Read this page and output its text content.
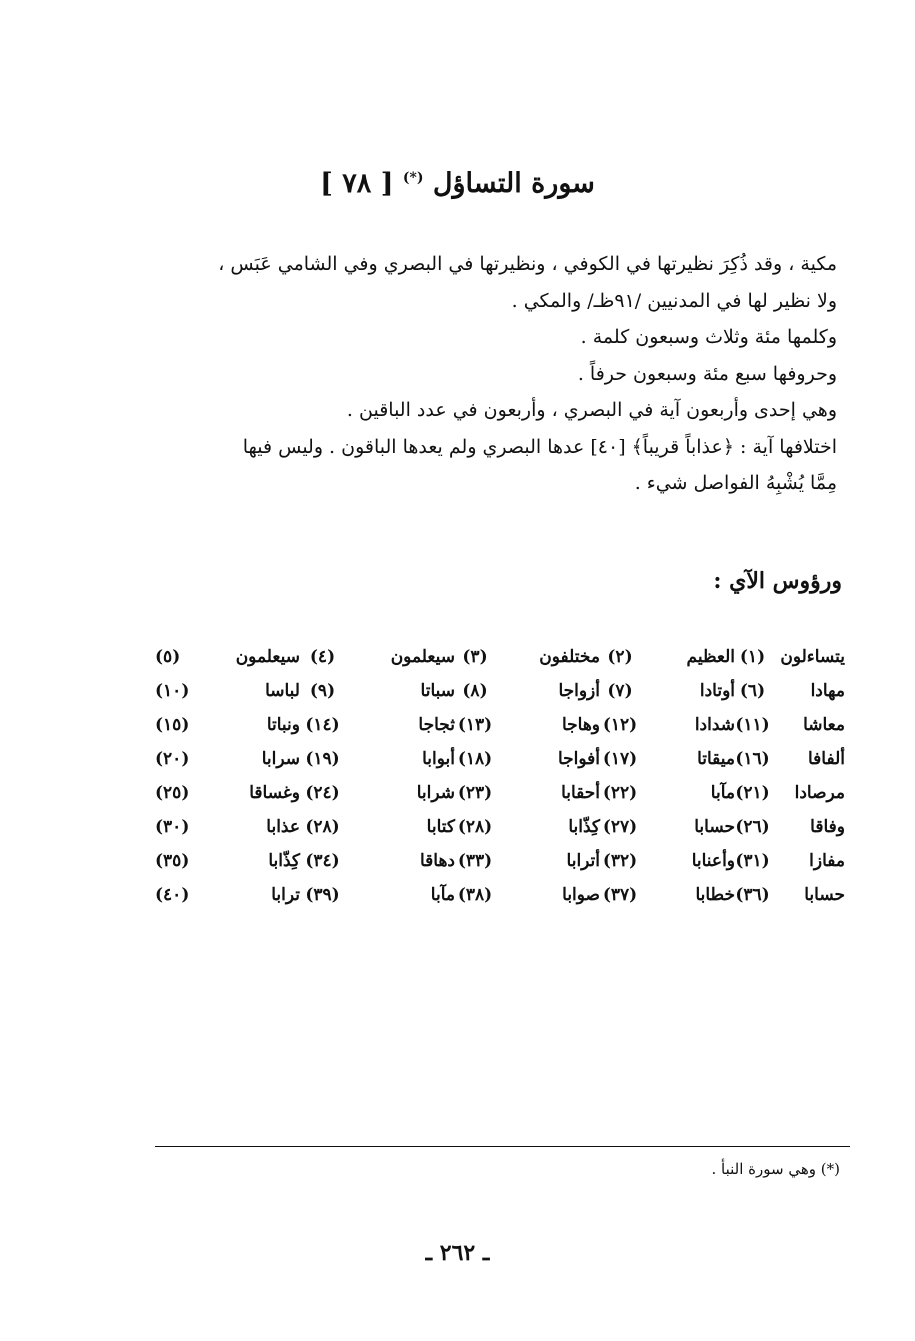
سورة التساؤل (*) [ ٧٨ ]

مكية ، وقد ذُكِرَ نظيرتها في الكوفي ، ونظيرتها في البصري وفي الشامي عَبَس ،

ولا نظير لها في المدنيين /٩١ظـ/ والمكي .

وكلمها مئة وثلاث وسبعون كلمة .

وحروفها سبع مئة وسبعون حرفاً .

وهي إحدى وأربعون آية في البصري ، وأربعون في عدد الباقين .

اختلافها آية : ﴿عذاباً قريباً﴾ [٤٠] عدها البصري ولم يعدها الباقون . وليس فيها

مِمَّا يُشْبِهُ الفواصل شيء .

ورؤوس الآي :
يتساءلون	(١)	العظيم	(٢)	مختلفون	(٣)	سيعلمون	(٤)	سيعلمون	(٥)
مهادا	(٦)	أوتادا	(٧)	أزواجا	(٨)	سباتا	(٩)	لباسا	(١٠)
معاشا	(١١)	شدادا	(١٢)	وهاجا	(١٣)	ثجاجا	(١٤)	ونباتا	(١٥)
ألفافا	(١٦)	ميقاتا	(١٧)	أفواجا	(١٨)	أبوابا	(١٩)	سرابا	(٢٠)
مرصادا	(٢١)	مآبا	(٢٢)	أحقابا	(٢٣)	شرابا	(٢٤)	وغساقا	(٢٥)
وفاقا	(٢٦)	حسابا	(٢٧)	كِذّابا	(٢٨)	كتابا	(٢٨)	عذابا	(٣٠)
مفازا	(٣١)	وأعنابا	(٣٢)	أترابا	(٣٣)	دهاقا	(٣٤)	كِذّابا	(٣٥)
حسابا	(٣٦)	خطابا	(٣٧)	صوابا	(٣٨)	مآبا	(٣٩)	ترابا	(٤٠)
(*) وهي سورة النبأ .
ـ ٢٦٢ ـ
